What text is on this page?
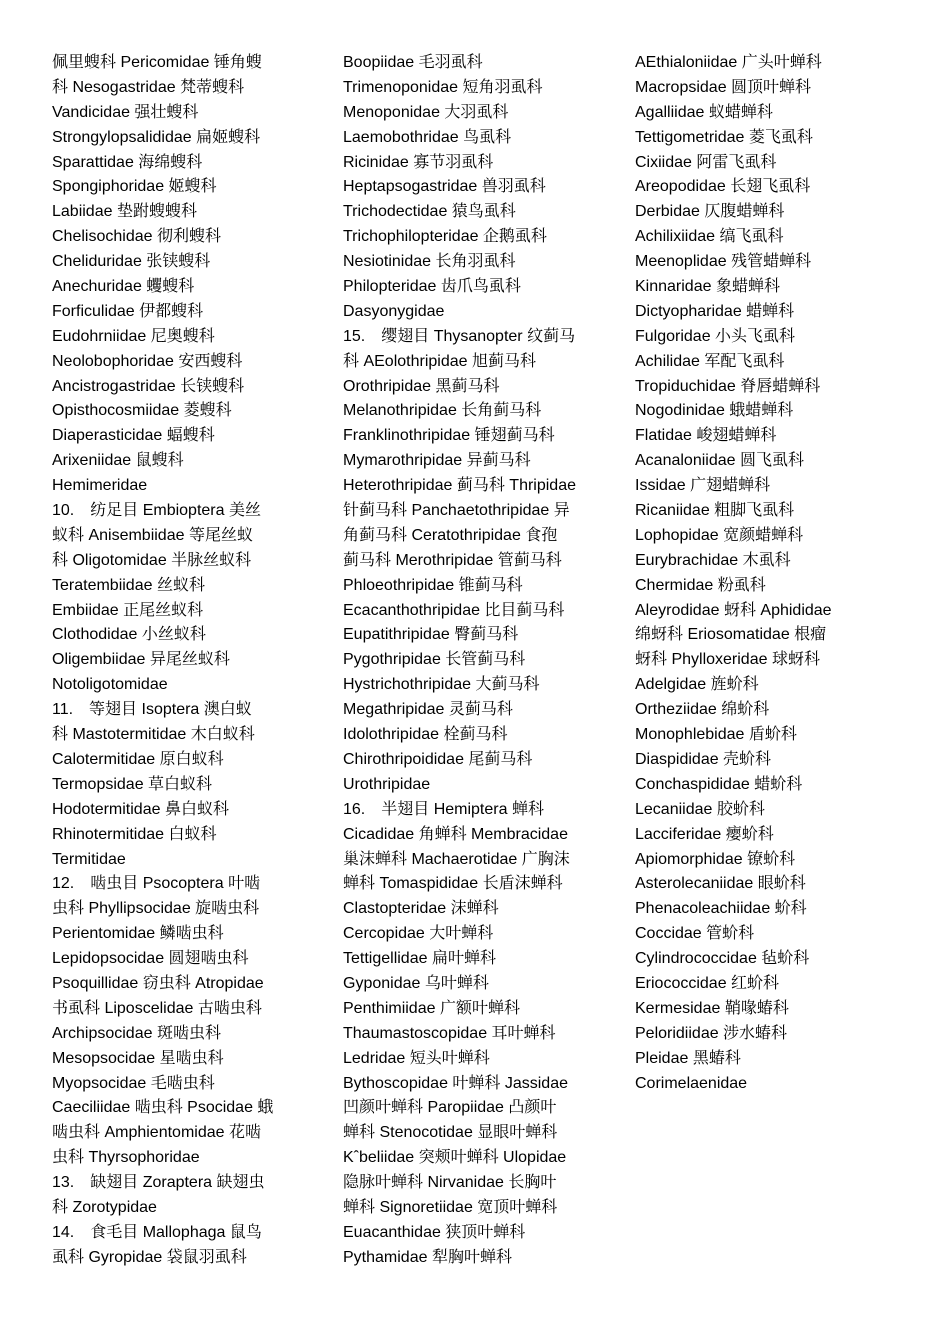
佩里螋科 Pericomidae 锤角螋
科 Nesogastridae 梵蒂螋科
Vandicidae 强壮螋科
Strongylopsalididae 扁姬螋科
Sparattidae 海绵螋科
Spongiphoridae 姬螋科
Labiidae 垫跗螋螋科
Chelisochidae 彻利螋科
Cheliduridae 张铗螋科
Anechuridae 蠼螋科
Forficulidae 伊都螋科
Eudohrniidae 尼奥螋科
Neolobophoridae 安西螋科
Ancistrogastridae 长铗螋科
Opisthocosmiidae 菱螋科
Diaperasticidae 蝠螋科
Arixeniidae 鼠螋科
Hemimeridae
10.　纺足目 Embioptera 美丝
蚁科 Anisembiidae 等尾丝蚁
科 Oligotomidae 半脉丝蚁科
Teratembiidae 丝蚁科
Embiidae 正尾丝蚁科
Clothodidae 小丝蚁科
Oligembiidae 异尾丝蚁科
Notoligotomidae
11.　等翅目 Isoptera 澳白蚁
科 Mastotermitidae 木白蚁科
Calotermitidae 原白蚁科
Termopsidae 草白蚁科
Hodotermitidae 鼻白蚁科
Rhinotermitidae 白蚁科
Termitidae
12.　啮虫目 Psocoptera 叶啮
虫科 Phyllipsocidae 旋啮虫科
Perientomidae 鳞啮虫科
Lepidopsocidae 圆翅啮虫科
Psoquillidae 窃虫科 Atropidae
书虱科 Liposcelidae 古啮虫科
Archipsocidae 斑啮虫科
Mesopsocidae 星啮虫科
Myopsocidae 毛啮虫科
Caeciliidae 啮虫科 Psocidae 蛾
啮虫科 Amphientomidae 花啮
虫科 Thyrsophoridae
13.　缺翅目 Zoraptera 缺翅虫
科 Zorotypidae
14.　食毛目 Mallophaga 鼠鸟
虱科 Gyropidae 袋鼠羽虱科
Boopiidae 毛羽虱科
Trimenoponidae 短角羽虱科
Menoponidae 大羽虱科
Laemobothridae 鸟虱科
Ricinidae 寡节羽虱科
Heptapsogastridae 兽羽虱科
Trichodectidae 猿鸟虱科
Trichophilopteridae 企鹅虱科
Nesiotinidae 长角羽虱科
Philopteridae 齿爪鸟虱科
Dasyonygidae
15.　缨翅目 Thysanopter 纹蓟马
科 AEolothripidae 旭蓟马科
Orothripidae 黑蓟马科
Melanothripidae 长角蓟马科
Franklinothripidae 锤翅蓟马科
Mymarothripidae 异蓟马科
Heterothripidae 蓟马科 Thripidae
针蓟马科 Panchaetothripidae 异
角蓟马科 Ceratothripidae 食孢
蓟马科 Merothripidae 管蓟马科
Phloeothripidae 锥蓟马科
Ecacanthothripidae 比目蓟马科
Eupatithripidae 臀蓟马科
Pygothripidae 长管蓟马科
Hystrichothripidae 大蓟马科
Megathripidae 灵蓟马科
Idolothripidae 栓蓟马科
Chirothripoididae 尾蓟马科
Urothripidae
16.　半翅目 Hemiptera 蝉科
Cicadidae 角蝉科 Membracidae
巢沫蝉科 Machaerotidae 广胸沫
蝉科 Tomaspididae 长盾沫蝉科
Clastopteridae 沫蝉科
Cercopidae 大叶蝉科
Tettigellidae 扁叶蝉科
Gyponidae 乌叶蝉科
Penthimiidae 广额叶蝉科
Thaumastoscopidae 耳叶蝉科
Ledridae 短头叶蝉科
Bythoscopidae 叶蝉科 Jassidae
凹颜叶蝉科 Paropiidae 凸颜叶
蝉科 Stenocotidae 显眼叶蝉科
Kˆbeliidae 突颊叶蝉科 Ulopidae
隐脉叶蝉科 Nirvanidae 长胸叶
蝉科 Signoretiidae 宽顶叶蝉科
Euacanthidae 狭顶叶蝉科
Pythamidae 犁胸叶蝉科
AEthialoniidae 广头叶蝉科
Macropsidae 圆顶叶蝉科
Agalliidae 蚁蜡蝉科
Tettigometridae 菱飞虱科
Cixiidae 阿雷飞虱科
Areopodidae 长翅飞虱科
Derbidae 仄腹蜡蝉科
Achilixiidae 缟飞虱科
Meenoplidae 残管蜡蝉科
Kinnaridae 象蜡蝉科
Dictyopharidae 蜡蝉科
Fulgoridae 小头飞虱科
Achilidae 军配飞虱科
Tropiduchidae 脊唇蜡蝉科
Nogodinidae 蛾蜡蝉科
Flatidae 峻翅蜡蝉科
Acanaloniidae 圆飞虱科
Issidae 广翅蜡蝉科
Ricaniidae 粗脚飞虱科
Lophopidae 宽颜蜡蝉科
Eurybrachidae 木虱科
Chermidae 粉虱科
Aleyrodidae 蚜科 Aphididae
绵蚜科 Eriosomatidae 根瘤
蚜科 Phylloxeridae 球蚜科
Adelgidae 旌蚧科
Ortheziidae 绵蚧科
Monophlebidae 盾蚧科
Diaspididae 壳蚧科
Conchaspididae 蜡蚧科
Lecaniidae 胶蚧科
Lacciferidae 瘿蚧科
Apiomorphidae 镣蚧科
Asterolecaniidae 眼蚧科
Phenacoleachiidae 蚧科
Coccidae 管蚧科
Cylindrococcidae 毡蚧科
Eriococcidae 红蚧科
Kermesidae 鞘喙蝽科
Peloridiidae 涉水蝽科
Pleidae 黑蝽科
Corimelaenidae
